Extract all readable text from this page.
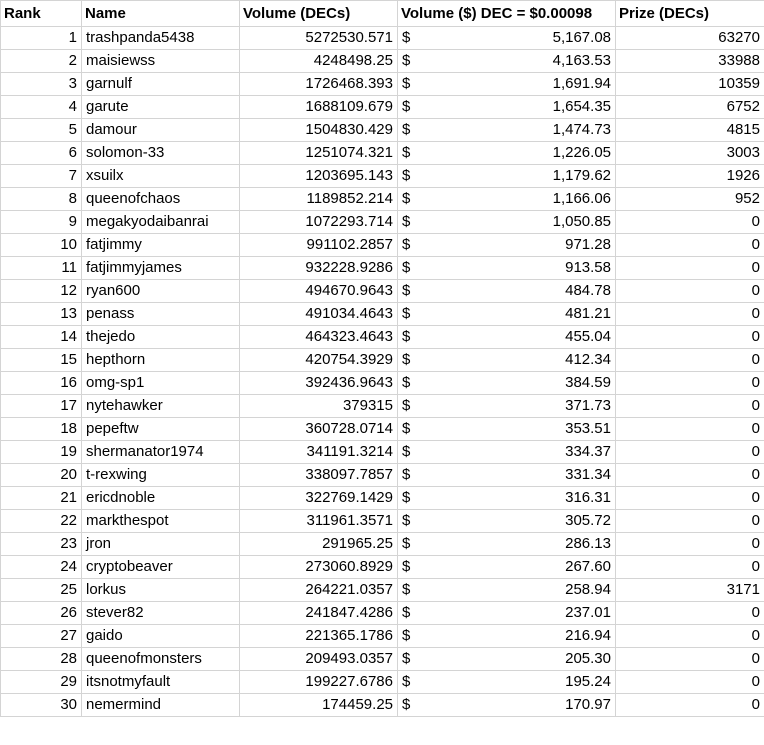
Rank	Name	Volume (DECs)	Volume ($) DEC = $0.00098	Prize (DECs)
1	trashpanda5438	5272530.571	$ 5,167.08	63270
2	maisiewss	4248498.25	$ 4,163.53	33988
3	garnulf	1726468.393	$ 1,691.94	10359
4	garute	1688109.679	$ 1,654.35	6752
5	damour	1504830.429	$ 1,474.73	4815
6	solomon-33	1251074.321	$ 1,226.05	3003
7	xsuilx	1203695.143	$ 1,179.62	1926
8	queenofchaos	1189852.214	$ 1,166.06	952
9	megakyodaibanrai	1072293.714	$ 1,050.85	0
10	fatjimmy	991102.2857	$ 971.28	0
11	fatjimmyjames	932228.9286	$ 913.58	0
12	ryan600	494670.9643	$ 484.78	0
13	penass	491034.4643	$ 481.21	0
14	thejedo	464323.4643	$ 455.04	0
15	hepthorn	420754.3929	$ 412.34	0
16	omg-sp1	392436.9643	$ 384.59	0
17	nytehawker	379315	$ 371.73	0
18	pepeftw	360728.0714	$ 353.51	0
19	shermanator1974	341191.3214	$ 334.37	0
20	t-rexwing	338097.7857	$ 331.34	0
21	ericdnoble	322769.1429	$ 316.31	0
22	markthespot	311961.3571	$ 305.72	0
23	jron	291965.25	$ 286.13	0
24	cryptobeaver	273060.8929	$ 267.60	0
25	lorkus	264221.0357	$ 258.94	3171
26	stever82	241847.4286	$ 237.01	0
27	gaido	221365.1786	$ 216.94	0
28	queenofmonsters	209493.0357	$ 205.30	0
29	itsnotmyfault	199227.6786	$ 195.24	0
30	nemermind	174459.25	$ 170.97	0
